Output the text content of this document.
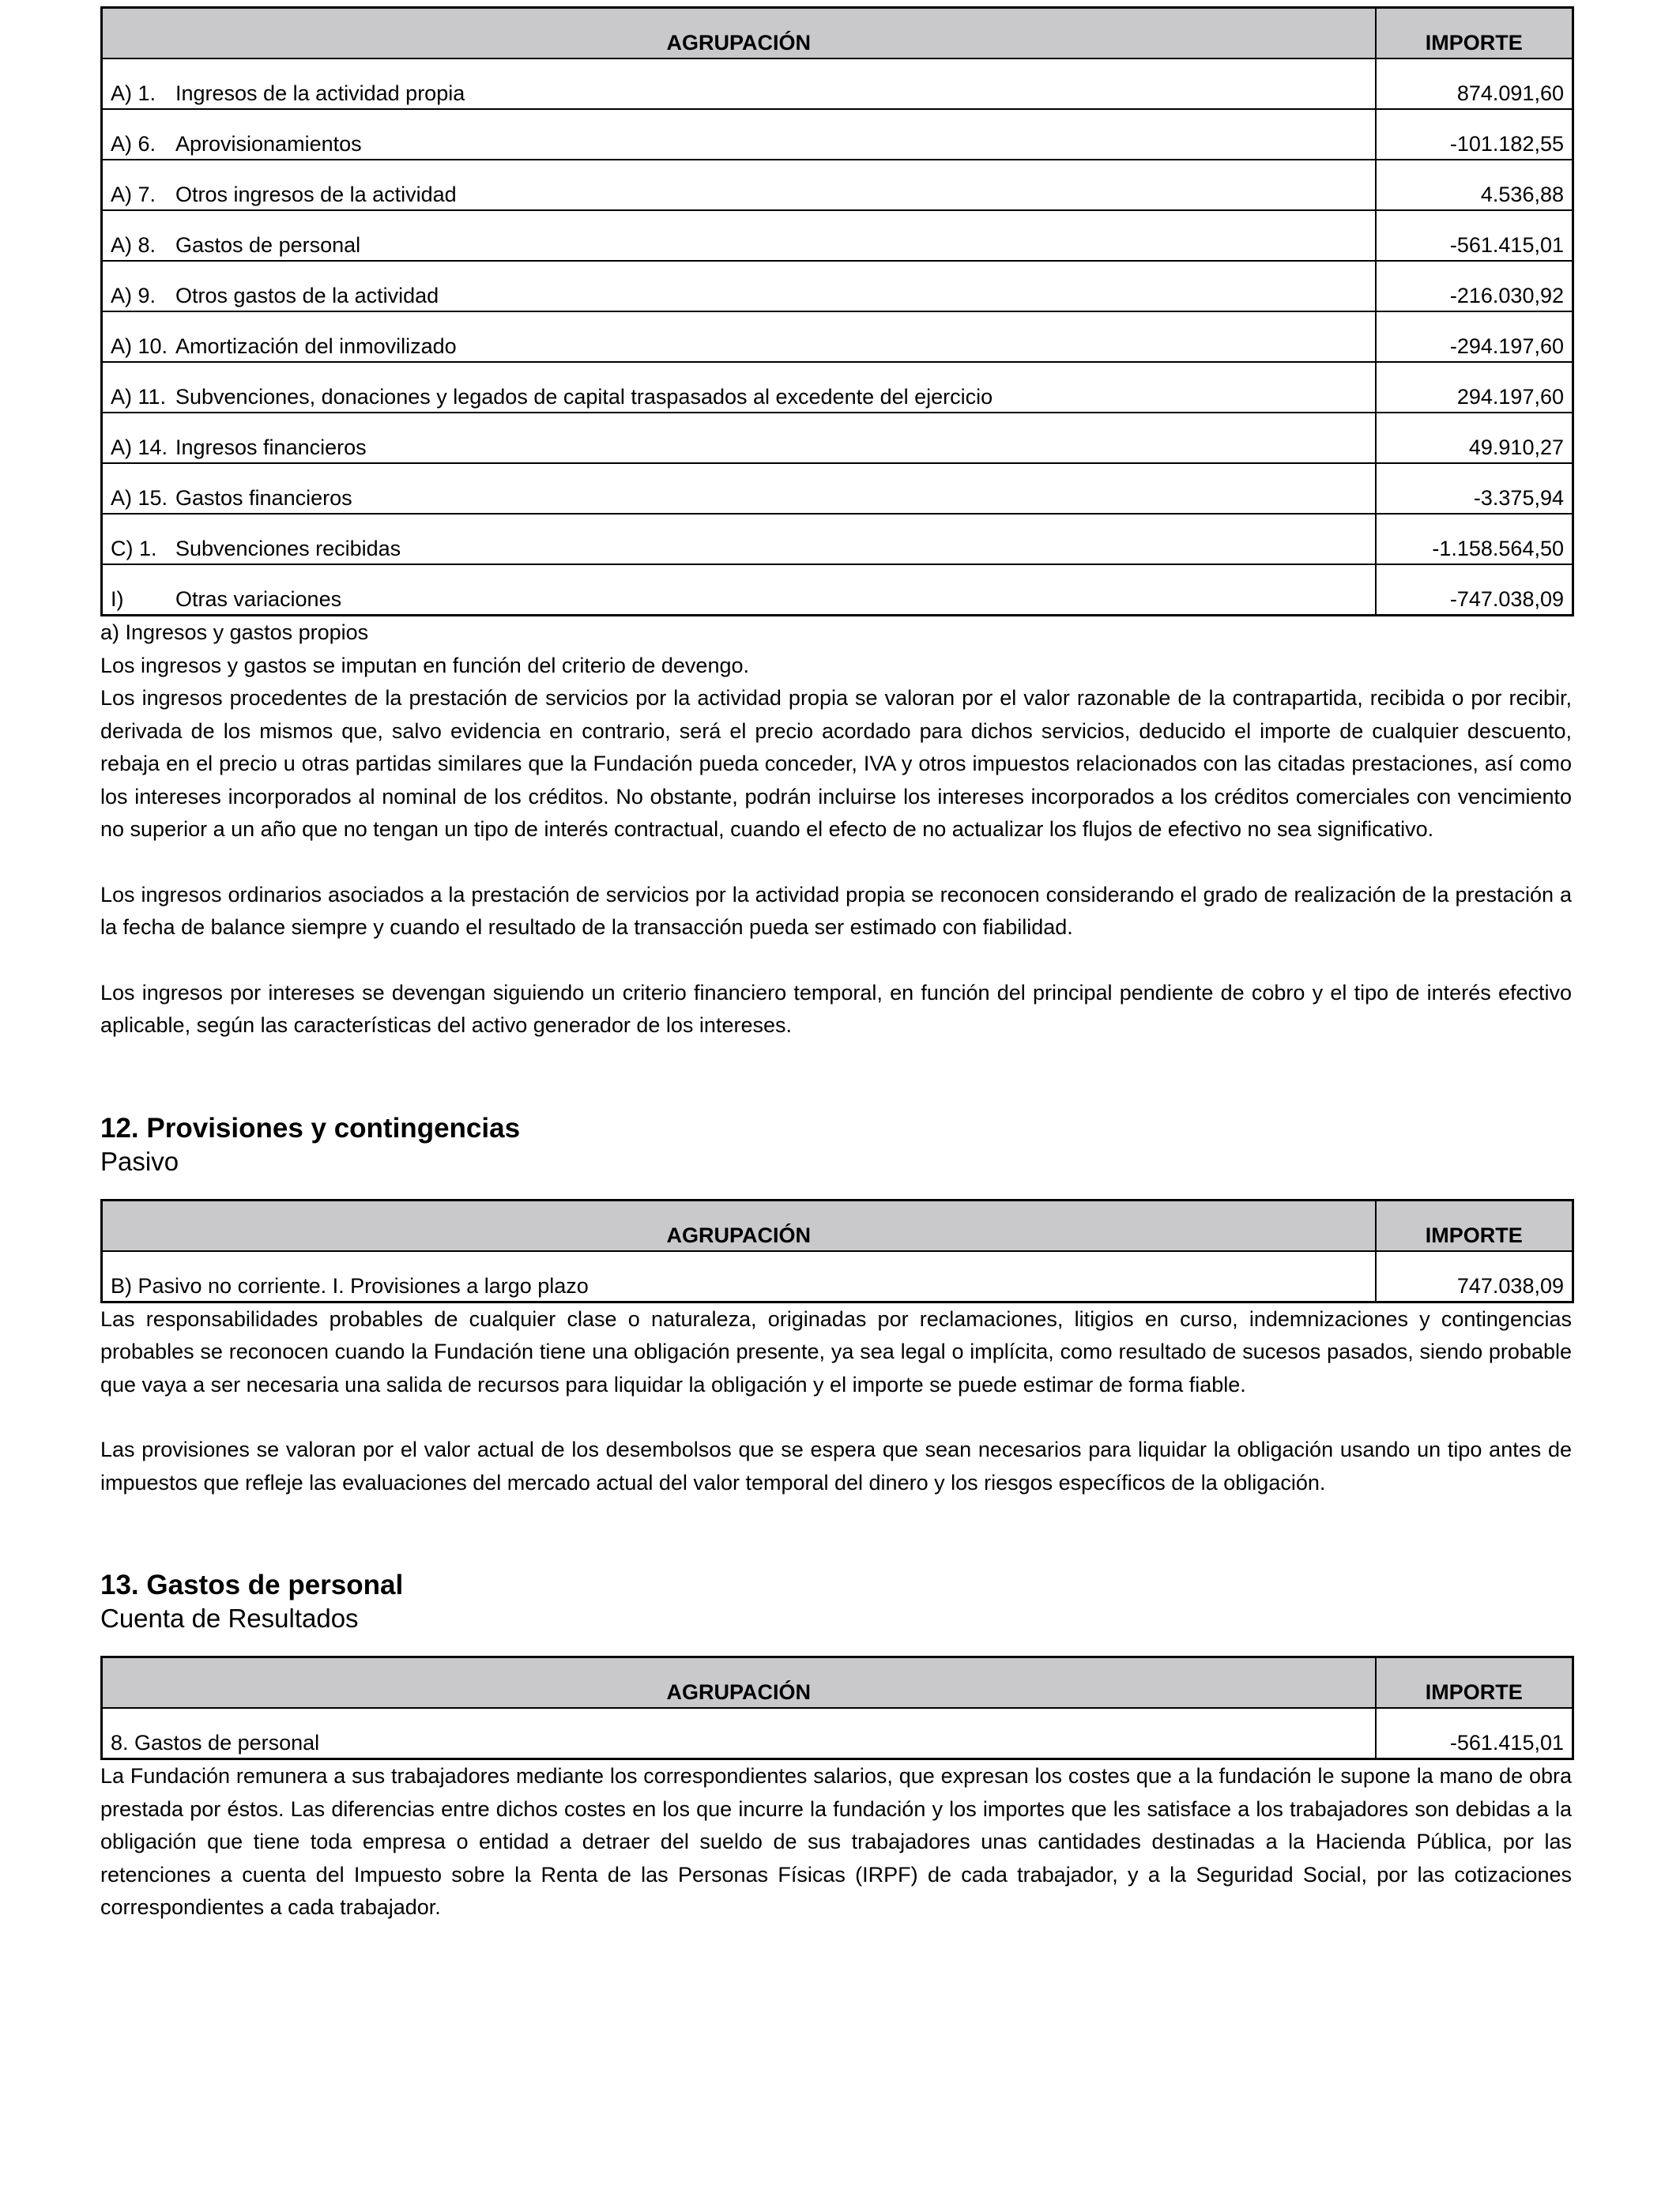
AGRUPACIÓN	IMPORTE
A) 1. Ingresos de la actividad propia	874.091,60
A) 6. Aprovisionamientos	-101.182,55
A) 7. Otros ingresos de la actividad	4.536,88
A) 8. Gastos de personal	-561.415,01
A) 9. Otros gastos de la actividad	-216.030,92
A) 10. Amortización del inmovilizado	-294.197,60
A) 11. Subvenciones, donaciones y legados de capital traspasados al excedente del ejercicio	294.197,60
A) 14. Ingresos financieros	49.910,27
A) 15. Gastos financieros	-3.375,94
C) 1. Subvenciones recibidas	-1.158.564,50
I) Otras variaciones	-747.038,09

a) Ingresos y gastos propios

Los ingresos y gastos se imputan en función del criterio de devengo.

Los ingresos procedentes de la prestación de servicios por la actividad propia se valoran por el valor razonable de la contrapartida, recibida o por recibir, derivada de los mismos que, salvo evidencia en contrario, será el precio acordado para dichos servicios, deducido el importe de cualquier descuento, rebaja en el precio u otras partidas similares que la Fundación pueda conceder, IVA y otros impuestos relacionados con las citadas prestaciones, así como los intereses incorporados al nominal de los créditos. No obstante, podrán incluirse los intereses incorporados a los créditos comerciales con vencimiento no superior a un año que no tengan un tipo de interés contractual, cuando el efecto de no actualizar los flujos de efectivo no sea significativo.

Los ingresos ordinarios asociados a la prestación de servicios por la actividad propia se reconocen considerando el grado de realización de la prestación a la fecha de balance siempre y cuando el resultado de la transacción pueda ser estimado con fiabilidad.

Los ingresos por intereses se devengan siguiendo un criterio financiero temporal, en función del principal pendiente de cobro y el tipo de interés efectivo aplicable, según las características del activo generador de los intereses.

12. Provisiones y contingencias

Pasivo

AGRUPACIÓN	IMPORTE
B) Pasivo no corriente. I. Provisiones a largo plazo	747.038,09

Las responsabilidades probables de cualquier clase o naturaleza, originadas por reclamaciones, litigios en curso, indemnizaciones y contingencias probables se reconocen cuando la Fundación tiene una obligación presente, ya sea legal o implícita, como resultado de sucesos pasados, siendo probable que vaya a ser necesaria una salida de recursos para liquidar la obligación y el importe se puede estimar de forma fiable.

Las provisiones se valoran por el valor actual de los desembolsos que se espera que sean necesarios para liquidar la obligación usando un tipo antes de impuestos que refleje las evaluaciones del mercado actual del valor temporal del dinero y los riesgos específicos de la obligación.

13. Gastos de personal

Cuenta de Resultados

AGRUPACIÓN	IMPORTE
8. Gastos de personal	-561.415,01

La Fundación remunera a sus trabajadores mediante los correspondientes salarios, que expresan los costes que a la fundación le supone la mano de obra prestada por éstos. Las diferencias entre dichos costes en los que incurre la fundación y los importes que les satisface a los trabajadores son debidas a la obligación que tiene toda empresa o entidad a detraer del sueldo de sus trabajadores unas cantidades destinadas a la Hacienda Pública, por las retenciones a cuenta del Impuesto sobre la Renta de las Personas Físicas (IRPF) de cada trabajador, y a la Seguridad Social, por las cotizaciones correspondientes a cada trabajador.
